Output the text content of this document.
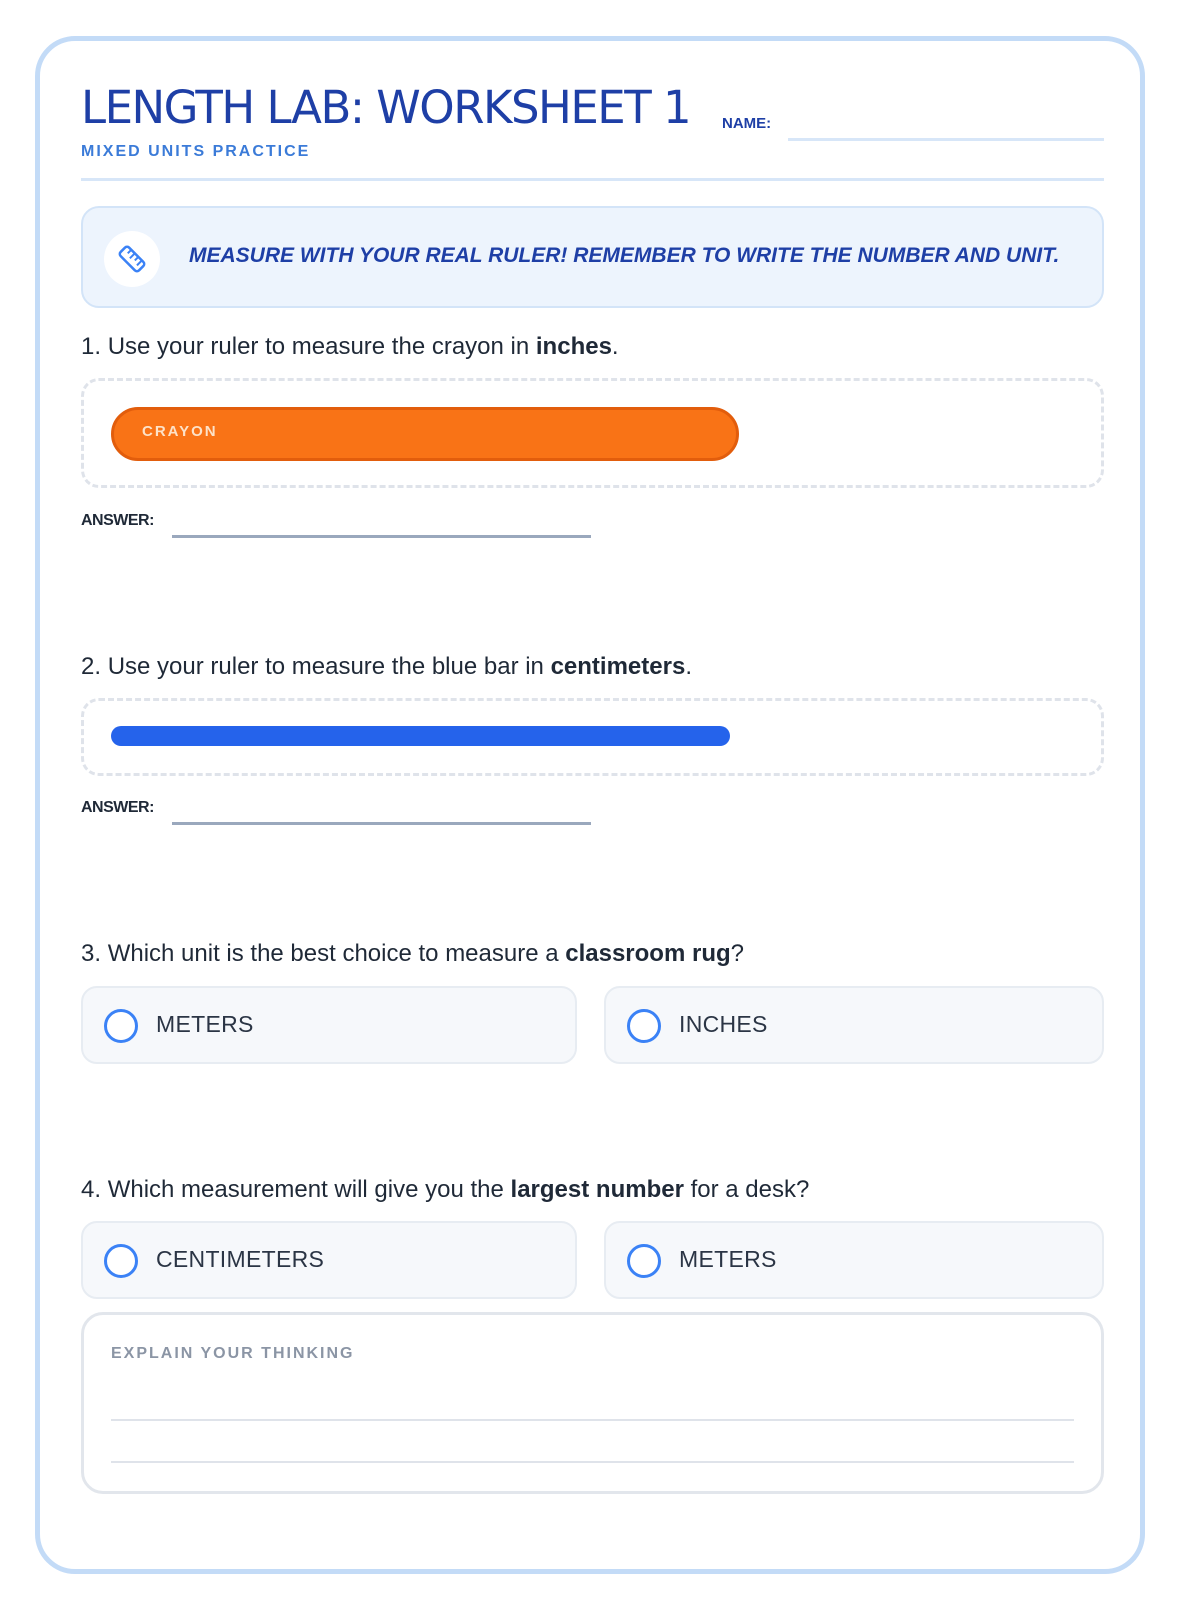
LENGTH LAB: WORKSHEET 1
MIXED UNITS PRACTICE
NAME:
MEASURE WITH YOUR REAL RULER! REMEMBER TO WRITE THE NUMBER AND UNIT.
1. Use your ruler to measure the crayon in inches.
CRAYON
ANSWER:
2. Use your ruler to measure the blue bar in centimeters.
ANSWER:
3. Which unit is the best choice to measure a classroom rug?
METERS	INCHES
4. Which measurement will give you the largest number for a desk?
CENTIMETERS	METERS
EXPLAIN YOUR THINKING
